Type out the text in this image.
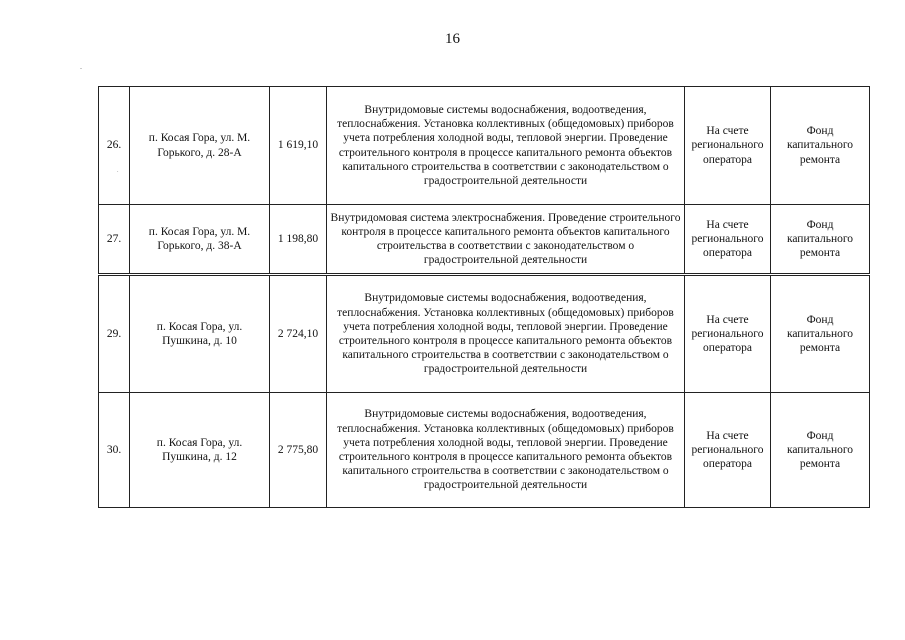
16
-
.
26.	п. Косая Гора, ул. М. Горького, д. 28-А	1 619,10	Внутридомовые системы водоснабжения, водоотведения, теплоснабжения. Установка коллективных (общедомовых) приборов учета потребления холодной воды, тепловой энергии. Проведение строительного контроля в процессе капитального ремонта объектов капитального строительства в соответствии с законодательством о градостроительной деятельности	На счете регионального оператора	Фонд капитального ремонта
27.	п. Косая Гора, ул. М. Горького, д. 38-А	1 198,80	Внутридомовая система электроснабжения. Проведение строительного контроля в процессе капитального ремонта объектов капитального строительства в соответствии с законодательством о градостроительной деятельности	На счете регионального оператора	Фонд капитального ремонта
29.	п. Косая Гора, ул. Пушкина, д. 10	2 724,10	Внутридомовые системы водоснабжения, водоотведения, теплоснабжения. Установка коллективных (общедомовых) приборов учета потребления холодной воды, тепловой энергии. Проведение строительного контроля в процессе капитального ремонта объектов капитального строительства в соответствии с законодательством о градостроительной деятельности	На счете регионального оператора	Фонд капитального ремонта
30.	п. Косая Гора, ул. Пушкина, д. 12	2 775,80	Внутридомовые системы водоснабжения, водоотведения, теплоснабжения. Установка коллективных (общедомовых) приборов учета потребления холодной воды, тепловой энергии. Проведение строительного контроля в процессе капитального ремонта объектов капитального строительства в соответствии с законодательством о градостроительной деятельности	На счете регионального оператора	Фонд капитального ремонта
